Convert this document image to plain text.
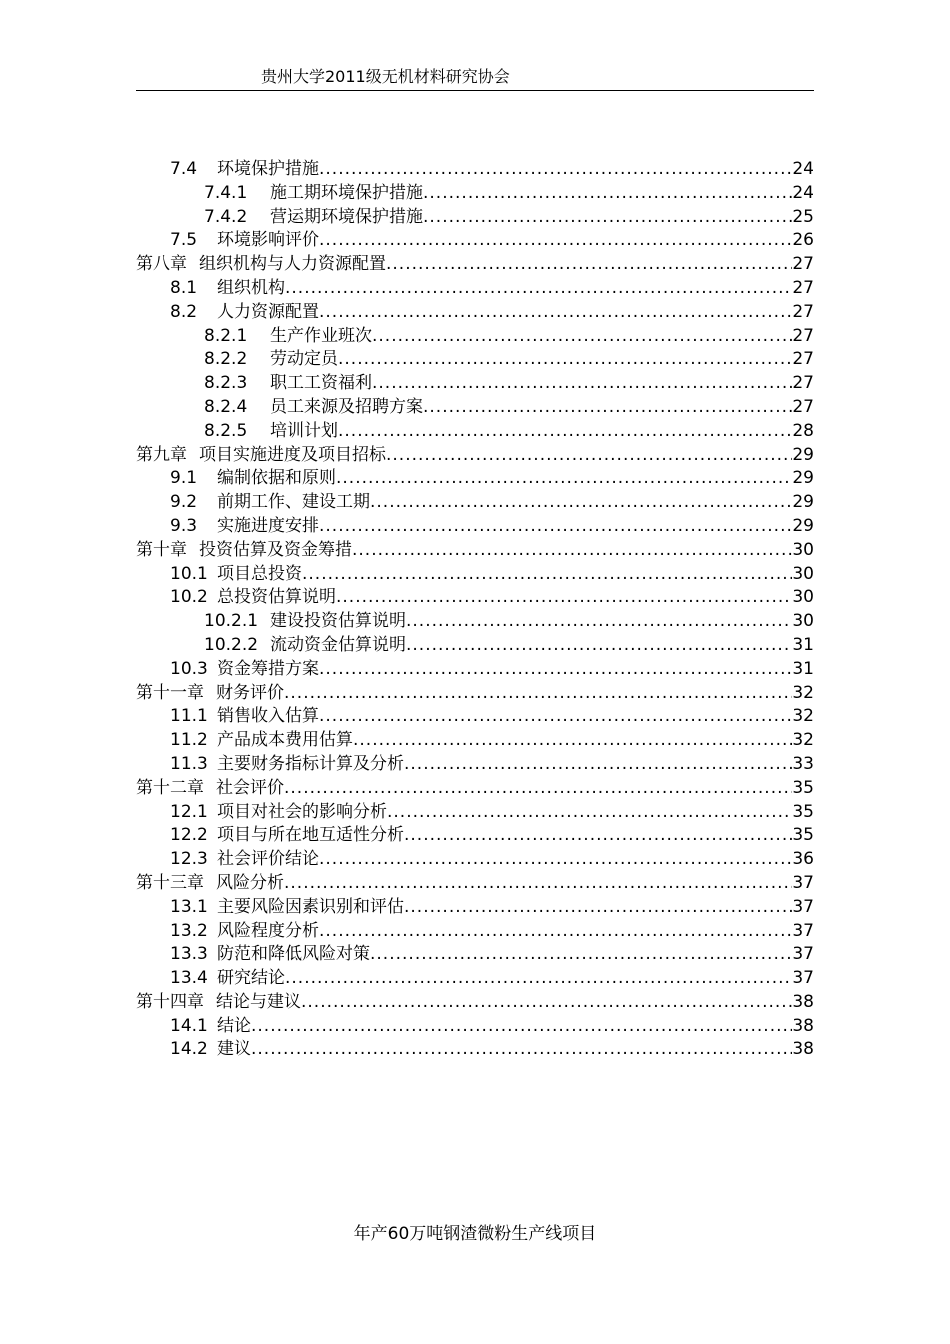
贵州大学2011级无机材料研究协会
7.4	环境保护措施 .....	24
7.4.1	施工期环境保护措施 .....	24
7.4.2	营运期环境保护措施 .....	25
7.5	环境影响评价 .....	26
第八章 组织机构与人力资源配置 .....	27
8.1	组织机构 .....	27
8.2	人力资源配置 .....	27
8.2.1	生产作业班次 .....	27
8.2.2	劳动定员 .....	27
8.2.3	职工工资福利 .....	27
8.2.4	员工来源及招聘方案 .....	27
8.2.5	培训计划 .....	28
第九章 项目实施进度及项目招标 .....	29
9.1	编制依据和原则 .....	29
9.2	前期工作、建设工期 .....	29
9.3	实施进度安排 .....	29
第十章 投资估算及资金筹措 .....	30
10.1 项目总投资 .....	30
10.2 总投资估算说明 .....	30
10.2.1 建设投资估算说明 .....	30
10.2.2 流动资金估算说明 .....	31
10.3 资金筹措方案 .....	31
第十一章 财务评价 .....	32
11.1 销售收入估算 .....	32
11.2 产品成本费用估算 .....	32
11.3 主要财务指标计算及分析 .....	33
第十二章 社会评价 .....	35
12.1 项目对社会的影响分析 .....	35
12.2 项目与所在地互适性分析 .....	35
12.3 社会评价结论 .....	36
第十三章 风险分析 .....	37
13.1 主要风险因素识别和评估 .....	37
13.2 风险程度分析 .....	37
13.3 防范和降低风险对策 .....	37
13.4 研究结论 .....	37
第十四章 结论与建议 .....	38
14.1 结论 .....	38
14.2 建议 .....	38
年产60万吨钢渣微粉生产线项目
